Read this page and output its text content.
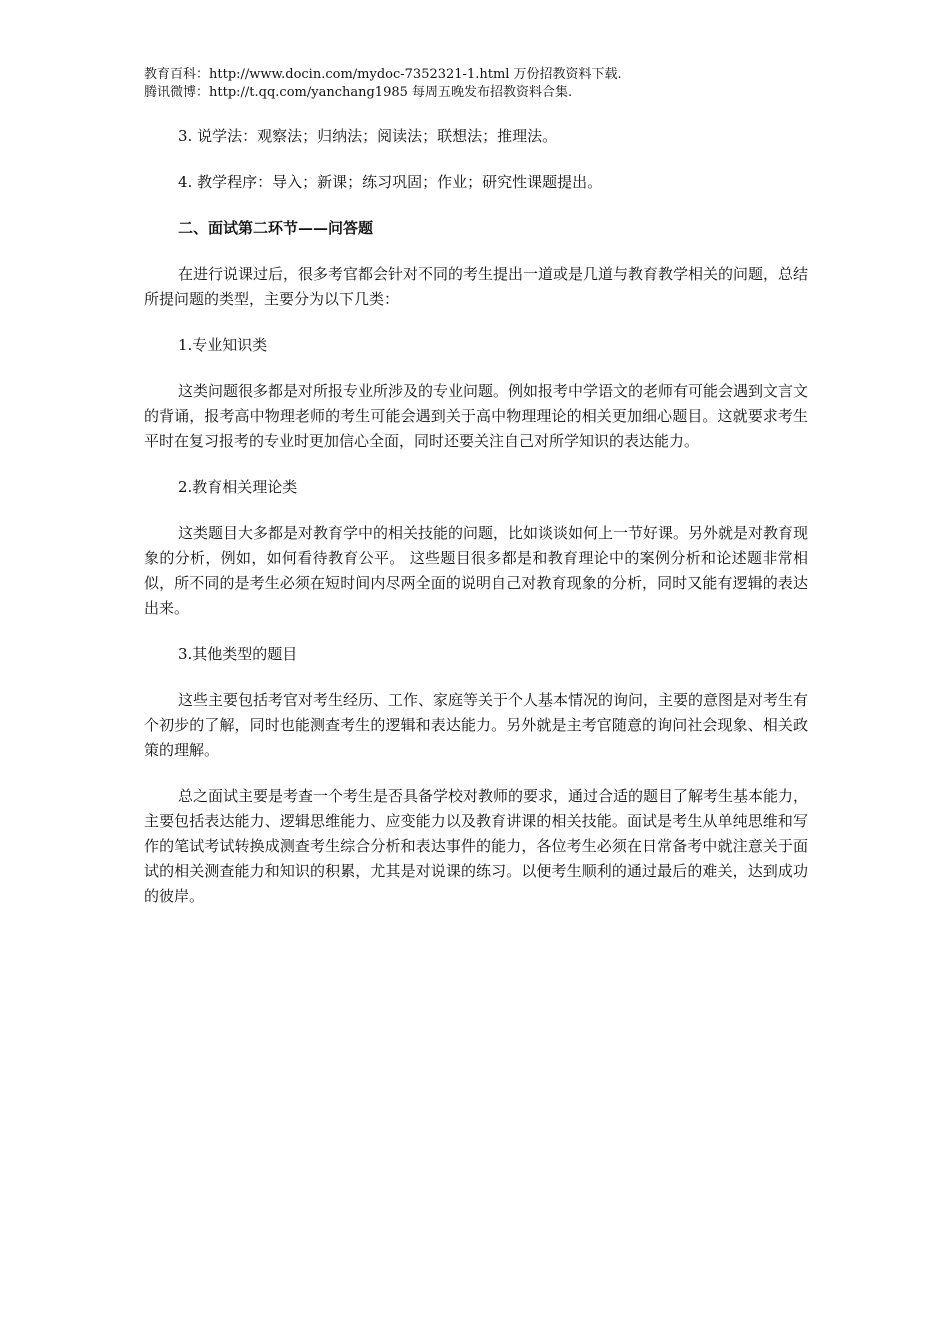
教育百科：http://www.docin.com/mydoc-7352321-1.html 万份招教资料下载.
腾讯微博：http://t.qq.com/yanchang1985 每周五晚发布招教资料合集.

3. 说学法：观察法；归纳法；阅读法；联想法；推理法。

4. 教学程序：导入；新课；练习巩固；作业；研究性课题提出。

二、面试第二环节——问答题

在进行说课过后，很多考官都会针对不同的考生提出一道或是几道与教育教学相关的问题，总结所提问题的类型，主要分为以下几类：

1.专业知识类

这类问题很多都是对所报专业所涉及的专业问题。例如报考中学语文的老师有可能会遇到文言文的背诵，报考高中物理老师的考生可能会遇到关于高中物理理论的相关更加细心题目。这就要求考生平时在复习报考的专业时更加信心全面，同时还要关注自己对所学知识的表达能力。

2.教育相关理论类

这类题目大多都是对教育学中的相关技能的问题，比如谈谈如何上一节好课。另外就是对教育现象的分析，例如，如何看待教育公平。 这些题目很多都是和教育理论中的案例分析和论述题非常相似，所不同的是考生必须在短时间内尽两全面的说明自己对教育现象的分析，同时又能有逻辑的表达出来。

3.其他类型的题目

这些主要包括考官对考生经历、工作、家庭等关于个人基本情况的询问，主要的意图是对考生有个初步的了解，同时也能测查考生的逻辑和表达能力。另外就是主考官随意的询问社会现象、相关政策的理解。

总之面试主要是考查一个考生是否具备学校对教师的要求，通过合适的题目了解考生基本能力，主要包括表达能力、逻辑思维能力、应变能力以及教育讲课的相关技能。面试是考生从单纯思维和写作的笔试考试转换成测查考生综合分析和表达事件的能力，各位考生必须在日常备考中就注意关于面试的相关测查能力和知识的积累，尤其是对说课的练习。以便考生顺利的通过最后的难关，达到成功的彼岸。
